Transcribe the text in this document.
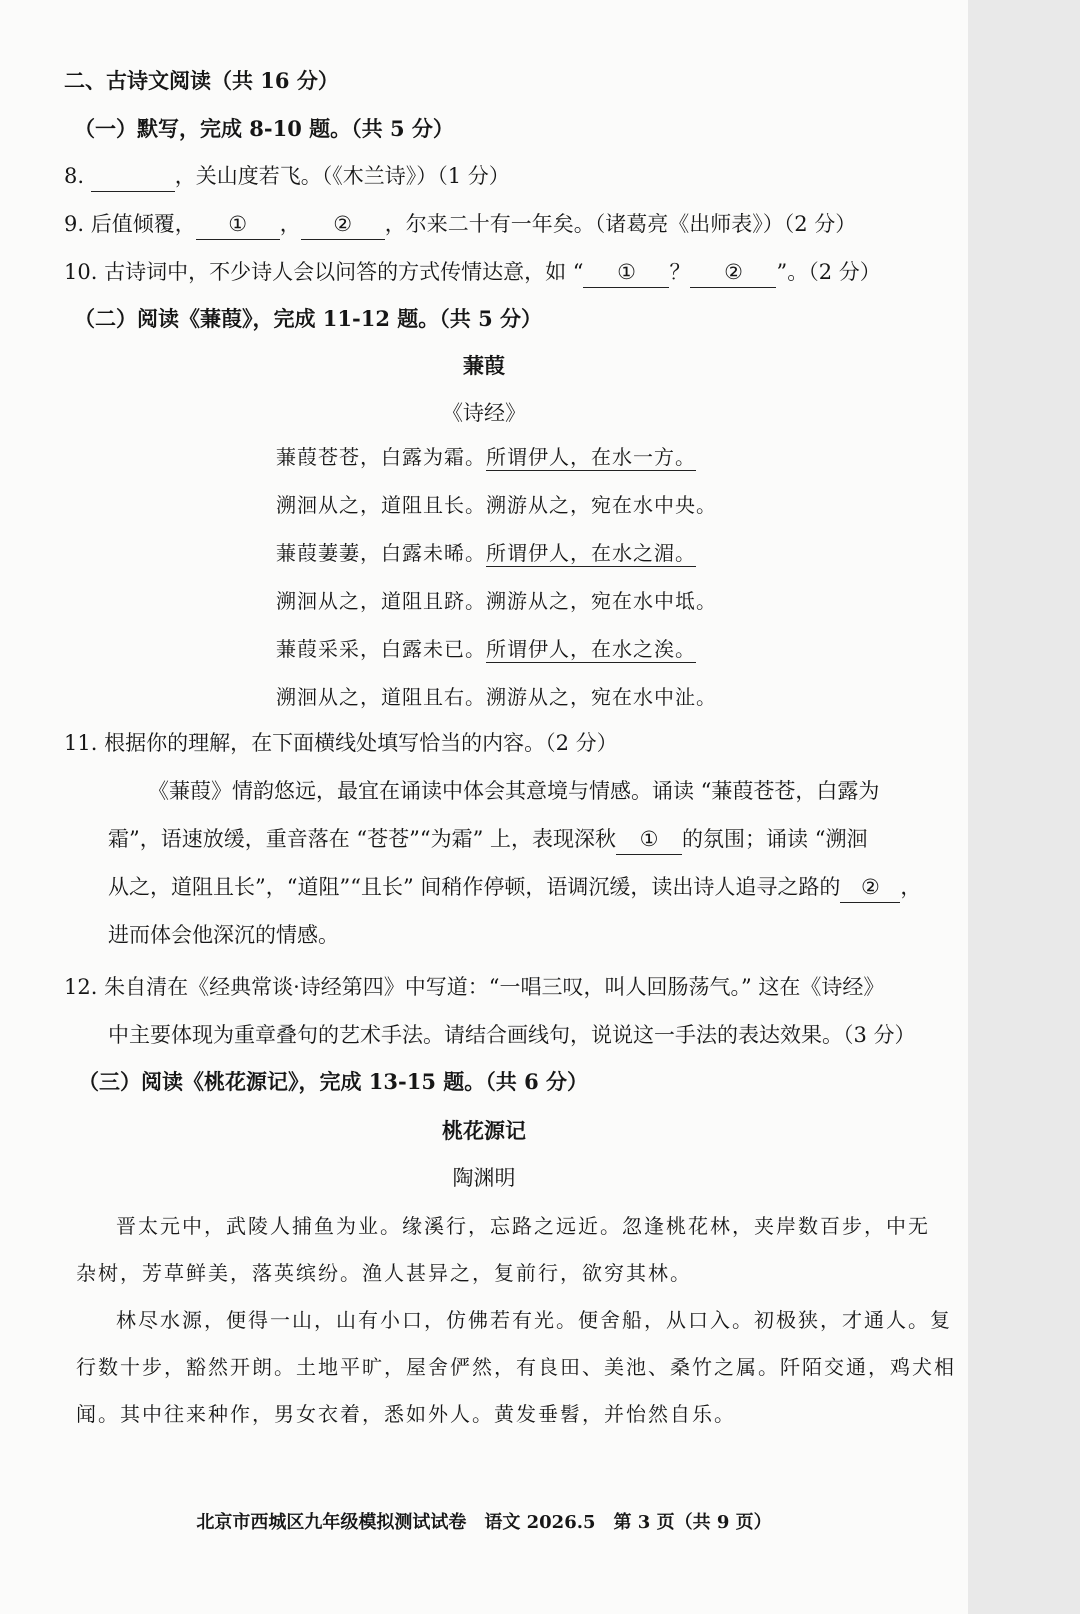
二、古诗文阅读（共 16 分）
（一）默写，完成 8-10 题。（共 5 分）
8.	，关山度若飞。（《木兰诗》）（1 分）
9. 后值倾覆， ① ， ② ，尔来二十有一年矣。（诸葛亮《出师表》）（2 分）
10. 古诗词中，不少诗人会以问答的方式传情达意，如 “ ① ？ ② ”。（2 分）
（二）阅读《蒹葭》，完成 11-12 题。（共 5 分）
蒹葭
《诗经》
蒹葭苍苍，白露为霜。所谓伊人，在水一方。
溯洄从之，道阻且长。溯游从之，宛在水中央。
蒹葭萋萋，白露未晞。所谓伊人，在水之湄。
溯洄从之，道阻且跻。溯游从之，宛在水中坻。
蒹葭采采，白露未已。所谓伊人，在水之涘。
溯洄从之，道阻且右。溯游从之，宛在水中沚。
11. 根据你的理解，在下面横线处填写恰当的内容。（2 分）
《蒹葭》情韵悠远，最宜在诵读中体会其意境与情感。诵读 “蒹葭苍苍，白露为
霜”，语速放缓，重音落在 “苍苍”“为霜” 上，表现深秋 ① 的氛围；诵读 “溯洄
从之，道阻且长”，“道阻”“且长” 间稍作停顿，语调沉缓，读出诗人追寻之路的 ② ，
进而体会他深沉的情感。
12. 朱自清在《经典常谈·诗经第四》中写道：“一唱三叹，叫人回肠荡气。” 这在《诗经》
中主要体现为重章叠句的艺术手法。请结合画线句，说说这一手法的表达效果。（3 分）
（三）阅读《桃花源记》，完成 13-15 题。（共 6 分）
桃花源记
陶渊明
晋太元中，武陵人捕鱼为业。缘溪行，忘路之远近。忽逢桃花林，夹岸数百步，中无
杂树，芳草鲜美，落英缤纷。渔人甚异之，复前行，欲穷其林。
林尽水源，便得一山，山有小口，仿佛若有光。便舍船，从口入。初极狭，才通人。复
行数十步，豁然开朗。土地平旷，屋舍俨然，有良田、美池、桑竹之属。阡陌交通，鸡犬相
闻。其中往来种作，男女衣着，悉如外人。黄发垂髫，并怡然自乐。
北京市西城区九年级模拟测试试卷　语文 2026.5　第 3 页（共 9 页）
